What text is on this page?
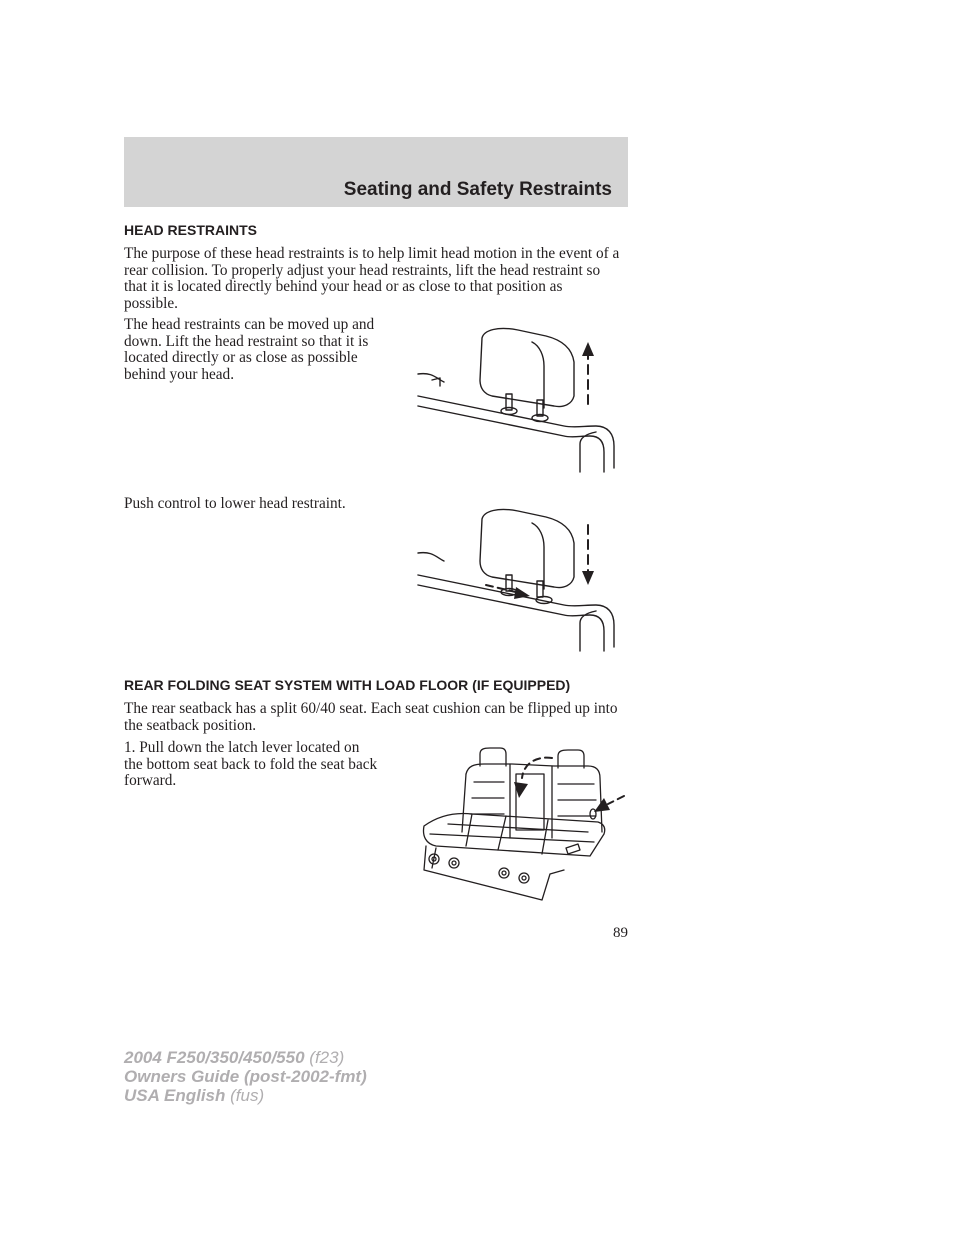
Seating and Safety Restraints
HEAD RESTRAINTS

The purpose of these head restraints is to help limit head motion in the event of a rear collision. To properly adjust your head restraints, lift the head restraint so that it is located directly behind your head or as close to that position as possible.

The head restraints can be moved up and down. Lift the head restraint so that it is located directly or as close as possible behind your head.

Push control to lower head restraint.

REAR FOLDING SEAT SYSTEM WITH LOAD FLOOR (IF EQUIPPED)

The rear seatback has a split 60/40 seat. Each seat cushion can be flipped up into the seatback position.

1. Pull down the latch lever located on the bottom seat back to fold the seat back forward.

89
2004 F250/350/450/550 (f23)
Owners Guide (post-2002-fmt)
USA English (fus)
